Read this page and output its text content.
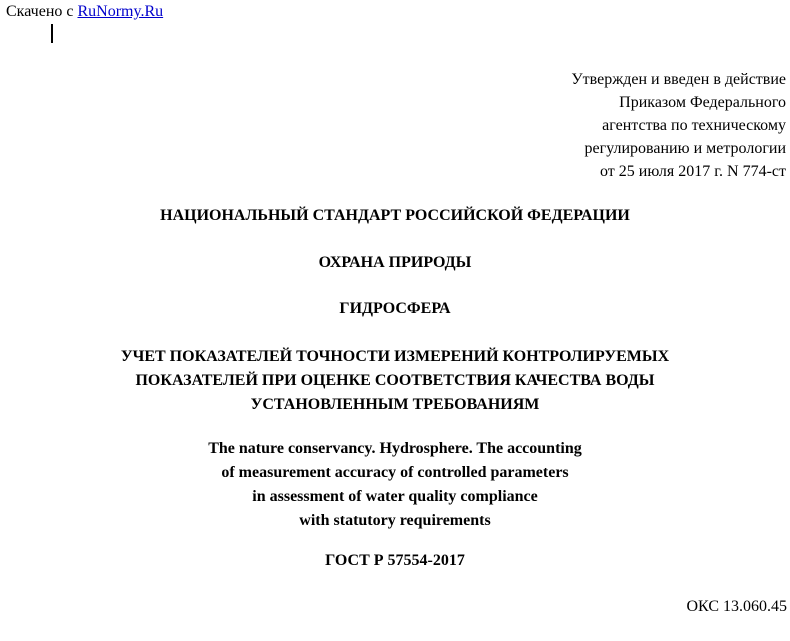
Скачено с RuNormy.Ru
Утвержден и введен в действие
Приказом Федерального
агентства по техническому
регулированию и метрологии
от 25 июля 2017 г. N 774-ст
НАЦИОНАЛЬНЫЙ СТАНДАРТ РОССИЙСКОЙ ФЕДЕРАЦИИ
ОХРАНА ПРИРОДЫ
ГИДРОСФЕРА
УЧЕТ ПОКАЗАТЕЛЕЙ ТОЧНОСТИ ИЗМЕРЕНИЙ КОНТРОЛИРУЕМЫХ
ПОКАЗАТЕЛЕЙ ПРИ ОЦЕНКЕ СООТВЕТСТВИЯ КАЧЕСТВА ВОДЫ
УСТАНОВЛЕННЫМ ТРЕБОВАНИЯМ
The nature conservancy. Hydrosphere. The accounting
of measurement accuracy of controlled parameters
in assessment of water quality compliance
with statutory requirements
ГОСТ Р 57554-2017
ОКС 13.060.45
